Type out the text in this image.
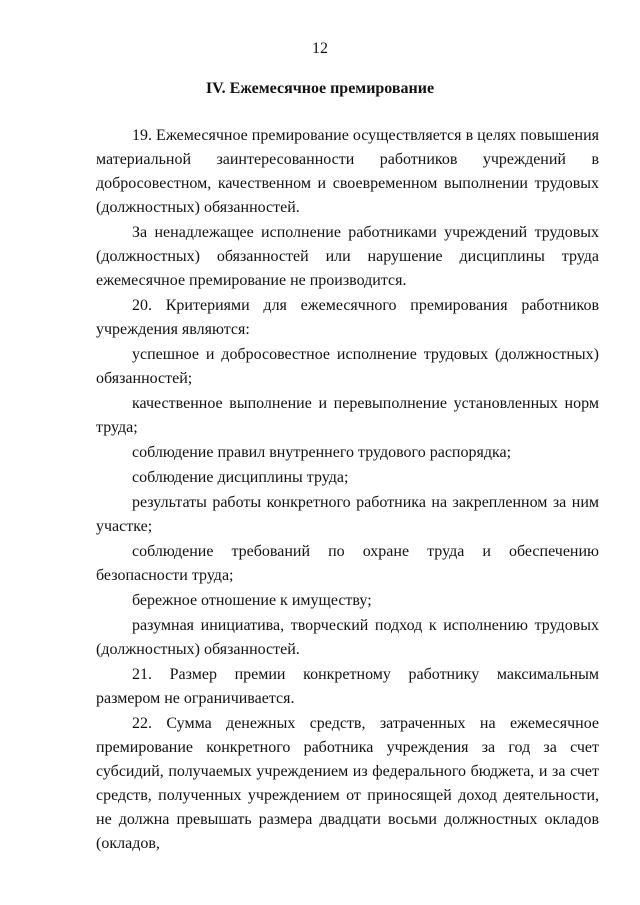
12
IV. Ежемесячное премирование

19. Ежемесячное премирование осуществляется в целях повышения материальной заинтересованности работников учреждений в добросовестном, качественном и своевременном выполнении трудовых (должностных) обязанностей.

За ненадлежащее исполнение работниками учреждений трудовых (должностных) обязанностей или нарушение дисциплины труда ежемесячное премирование не производится.

20. Критериями для ежемесячного премирования работников учреждения являются:

успешное и добросовестное исполнение трудовых (должностных) обязанностей;

качественное выполнение и перевыполнение установленных норм труда;

соблюдение правил внутреннего трудового распорядка;

соблюдение дисциплины труда;

результаты работы конкретного работника на закрепленном за ним участке;

соблюдение требований по охране труда и обеспечению безопасности труда;

бережное отношение к имуществу;

разумная инициатива, творческий подход к исполнению трудовых (должностных) обязанностей.

21. Размер премии конкретному работнику максимальным размером не ограничивается.

22. Сумма денежных средств, затраченных на ежемесячное премирование конкретного работника учреждения за год за счет субсидий, получаемых учреждением из федерального бюджета, и за счет средств, полученных учреждением от приносящей доход деятельности, не должна превышать размера двадцати восьми должностных окладов (окладов,
